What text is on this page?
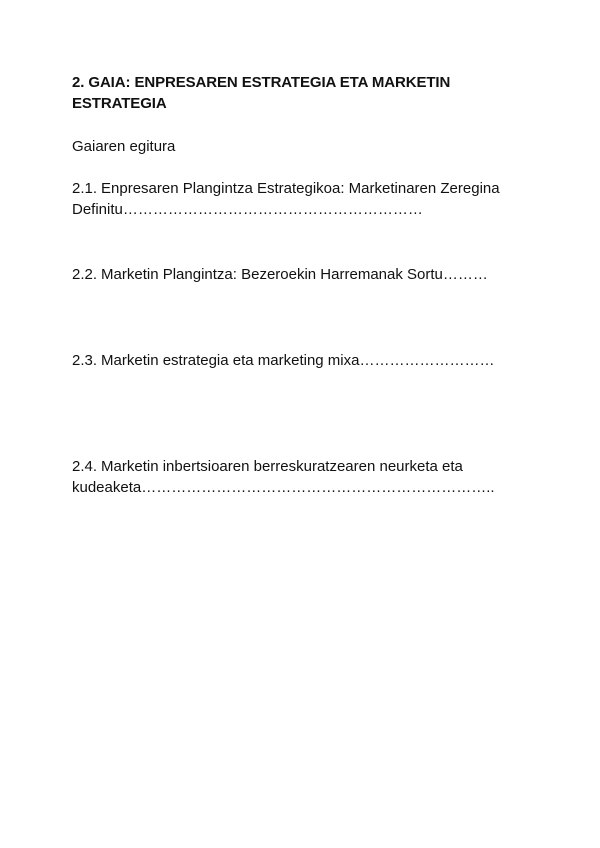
2. GAIA: ENPRESAREN ESTRATEGIA ETA MARKETIN ESTRATEGIA
Gaiaren egitura
2.1. Enpresaren Plangintza Estrategikoa: Marketinaren Zeregina Definitu……………………………………………………
2.2. Marketin Plangintza: Bezeroekin Harremanak Sortu………
2.3. Marketin estrategia eta marketing mixa………………………
2.4. Marketin inbertsioaren berreskuratzearen neurketa eta kudeaketa……………………………………………………………..
